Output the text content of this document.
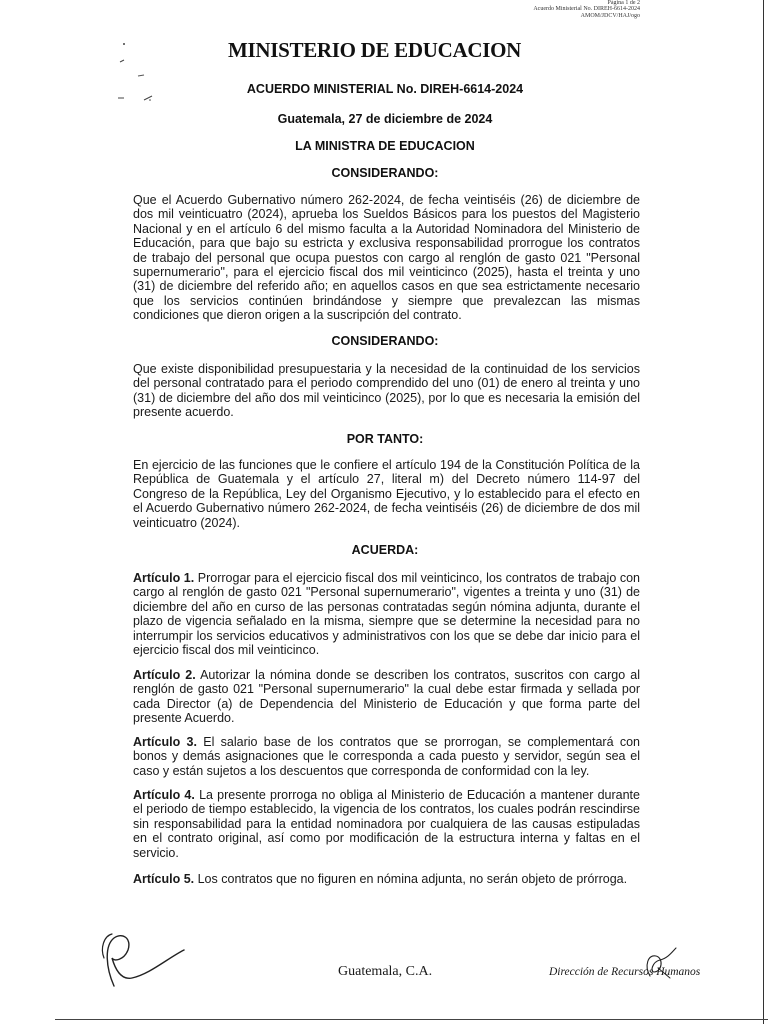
Página 1 de 2
Acuerdo Ministerial No. DIREH-6614-2024
AMOM/JDCV/HAJ/ogo
MINISTERIO DE EDUCACION
ACUERDO MINISTERIAL No. DIREH-6614-2024
Guatemala, 27 de diciembre de 2024
LA MINISTRA DE EDUCACION
CONSIDERANDO:
Que el Acuerdo Gubernativo número 262-2024, de fecha veintiséis (26) de diciembre de dos mil veinticuatro (2024), aprueba los Sueldos Básicos para los puestos del Magisterio Nacional y en el artículo 6 del mismo faculta a la Autoridad Nominadora del Ministerio de Educación, para que bajo su estricta y exclusiva responsabilidad prorrogue los contratos de trabajo del personal que ocupa puestos con cargo al renglón de gasto 021 "Personal supernumerario", para el ejercicio fiscal dos mil veinticinco (2025), hasta el treinta y uno (31) de diciembre del referido año; en aquellos casos en que sea estrictamente necesario que los servicios continúen brindándose y siempre que prevalezcan las mismas condiciones que dieron origen a la suscripción del contrato.
CONSIDERANDO:
Que existe disponibilidad presupuestaria y la necesidad de la continuidad de los servicios del personal contratado para el periodo comprendido del uno (01) de enero al treinta y uno (31) de diciembre del año dos mil veinticinco (2025), por lo que es necesaria la emisión del presente acuerdo.
POR TANTO:
En ejercicio de las funciones que le confiere el artículo 194 de la Constitución Política de la República de Guatemala y el artículo 27, literal m) del Decreto número 114-97 del Congreso de la República, Ley del Organismo Ejecutivo, y lo establecido para el efecto en el Acuerdo Gubernativo número 262-2024, de fecha veintiséis (26) de diciembre de dos mil veinticuatro (2024).
ACUERDA:
Artículo 1. Prorrogar para el ejercicio fiscal dos mil veinticinco, los contratos de trabajo con cargo al renglón de gasto 021 "Personal supernumerario", vigentes a treinta y uno (31) de diciembre del año en curso de las personas contratadas según nómina adjunta, durante el plazo de vigencia señalado en la misma, siempre que se determine la necesidad para no interrumpir los servicios educativos y administrativos con los que se debe dar inicio para el ejercicio fiscal dos mil veinticinco.
Artículo 2. Autorizar la nómina donde se describen los contratos, suscritos con cargo al renglón de gasto 021 "Personal supernumerario" la cual debe estar firmada y sellada por cada Director (a) de Dependencia del Ministerio de Educación y que forma parte del presente Acuerdo.
Artículo 3. El salario base de los contratos que se prorrogan, se complementará con bonos y demás asignaciones que le corresponda a cada puesto y servidor, según sea el caso y están sujetos a los descuentos que corresponda de conformidad con la ley.
Artículo 4. La presente prorroga no obliga al Ministerio de Educación a mantener durante el periodo de tiempo establecido, la vigencia de los contratos, los cuales podrán rescindirse sin responsabilidad para la entidad nominadora por cualquiera de las causas estipuladas en el contrato original, así como por modificación de la estructura interna y faltas en el servicio.
Artículo 5. Los contratos que no figuren en nómina adjunta, no serán objeto de prórroga.
Guatemala, C.A.	Dirección de Recursos Humanos
